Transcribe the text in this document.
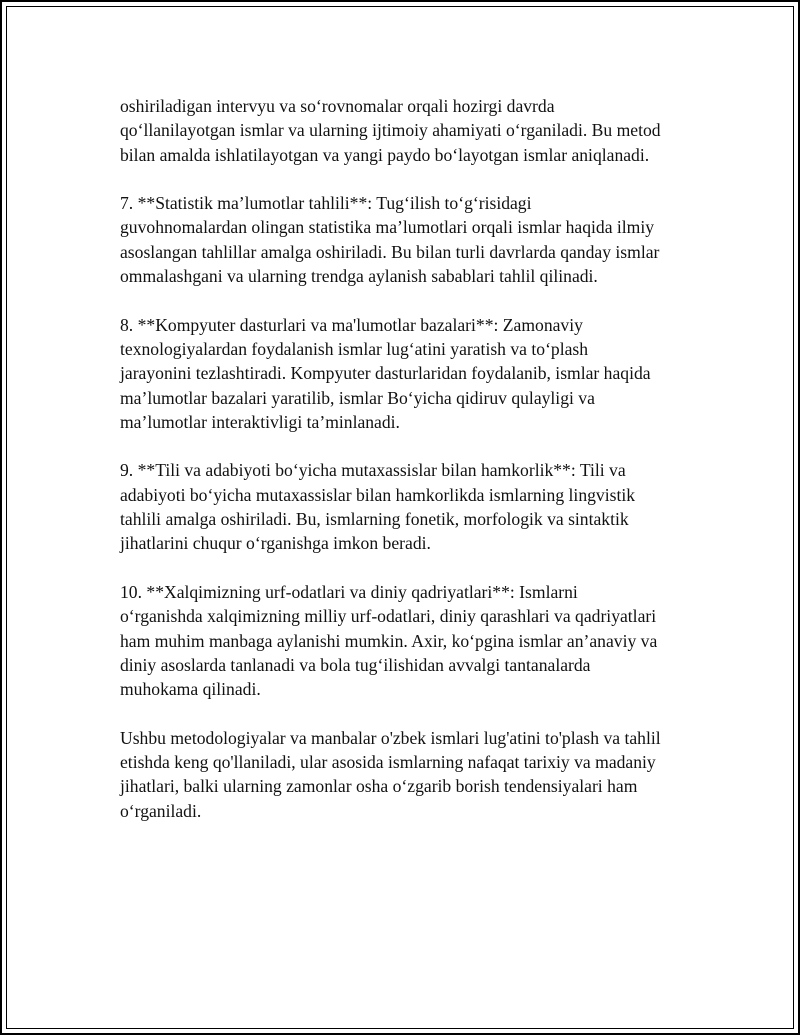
oshiriladigan intervyu va so‘rovnomalar orqali hozirgi davrda
qo‘llanilayotgan ismlar va ularning ijtimoiy ahamiyati o‘rganiladi. Bu metod
bilan amalda ishlatilayotgan va yangi paydo bo‘layotgan ismlar aniqlanadi.
7. **Statistik ma’lumotlar tahlili**: Tug‘ilish to‘g‘risidagi
guvohnomalardan olingan statistika ma’lumotlari orqali ismlar haqida ilmiy
asoslangan tahlillar amalga oshiriladi. Bu bilan turli davrlarda qanday ismlar
ommalashgani va ularning trendga aylanish sabablari tahlil qilinadi.
8. **Kompyuter dasturlari va ma'lumotlar bazalari**: Zamonaviy
texnologiyalardan foydalanish ismlar lug‘atini yaratish va to‘plash
jarayonini tezlashtiradi. Kompyuter dasturlaridan foydalanib, ismlar haqida
ma’lumotlar bazalari yaratilib, ismlar Bo‘yicha qidiruv qulayligi va
ma’lumotlar interaktivligi ta’minlanadi.
9. **Tili va adabiyoti bo‘yicha mutaxassislar bilan hamkorlik**: Tili va
adabiyoti bo‘yicha mutaxassislar bilan hamkorlikda ismlarning lingvistik
tahlili amalga oshiriladi. Bu, ismlarning fonetik, morfologik va sintaktik
jihatlarini chuqur o‘rganishga imkon beradi.
10. **Xalqimizning urf-odatlari va diniy qadriyatlari**: Ismlarni
o‘rganishda xalqimizning milliy urf-odatlari, diniy qarashlari va qadriyatlari
ham muhim manbaga aylanishi mumkin. Axir, ko‘pgina ismlar an’anaviy va
diniy asoslarda tanlanadi va bola tug‘ilishidan avvalgi tantanalarda
muhokama qilinadi.
Ushbu metodologiyalar va manbalar o'zbek ismlari lug'atini to'plash va tahlil
etishda keng qo'llaniladi, ular asosida ismlarning nafaqat tarixiy va madaniy
jihatlari, balki ularning zamonlar osha o‘zgarib borish tendensiyalari ham
o‘rganiladi.
